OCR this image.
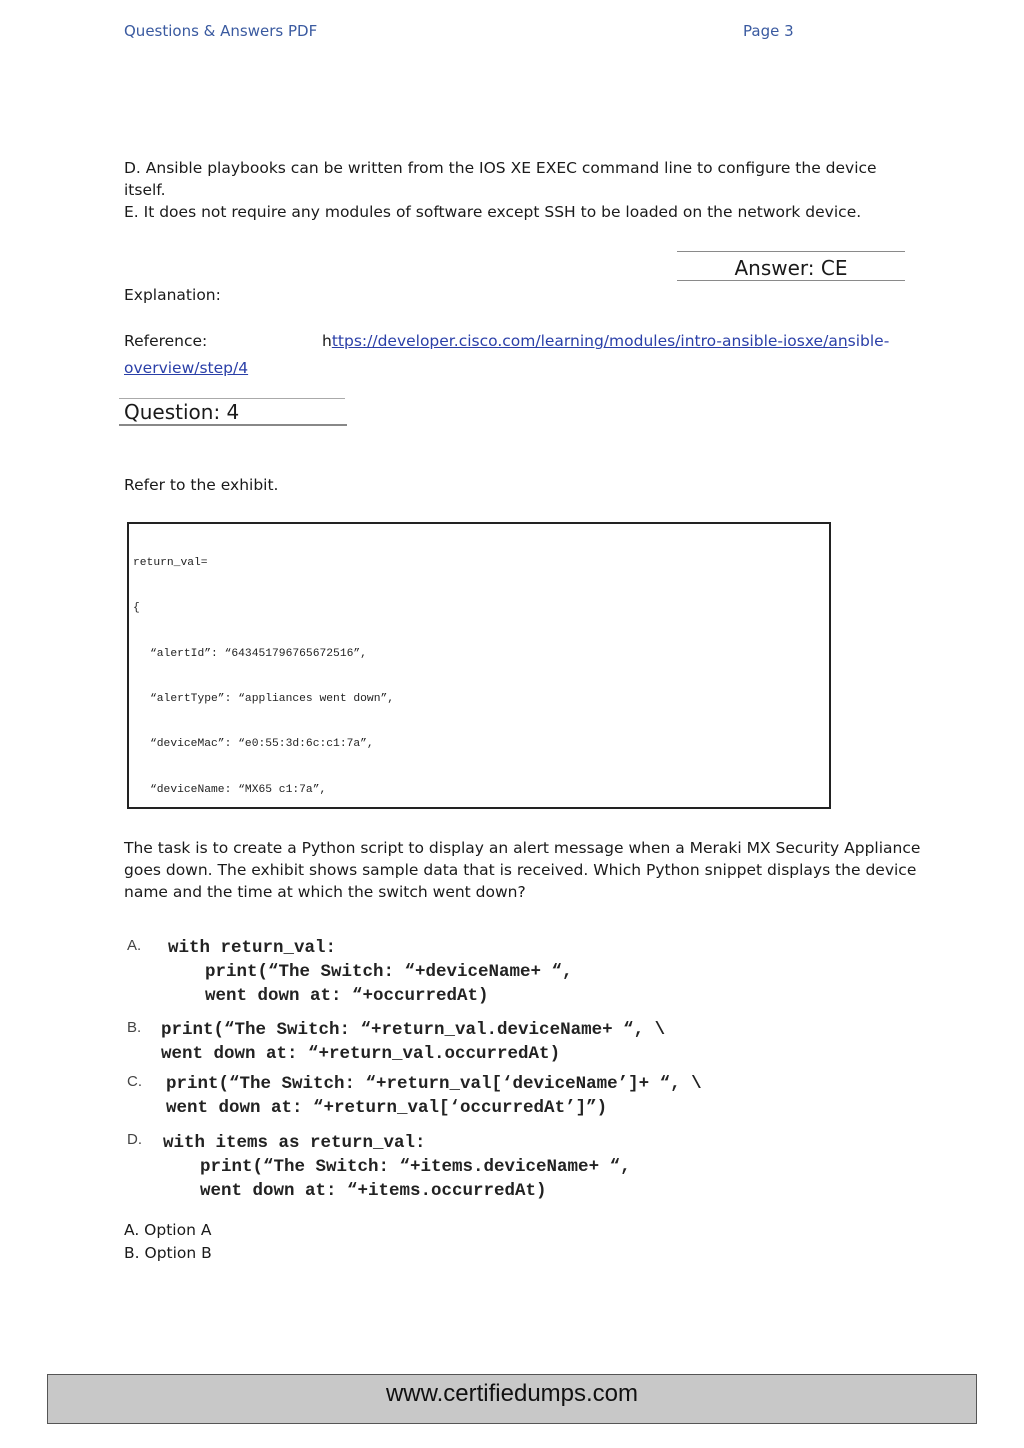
Questions & Answers PDF	Page 3
D. Ansible playbooks can be written from the IOS XE EXEC command line to configure the device
itself.
E. It does not require any modules of software except SSH to be loaded on the network device.
Answer: CE
Explanation:
Reference:	https://developer.cisco.com/learning/modules/intro-ansible-iosxe/ansible-
overview/step/4
Question: 4
Refer to the exhibit.

return_val=

{

“alertId”: “643451796765672516”,

“alertType”: “appliances went down”,

“deviceMac”: “e0:55:3d:6c:c1:7a”,

“deviceName: “MX65 c1:7a”,

The task is to create a Python script to display an alert message when a Meraki MX Security Appliance
goes down. The exhibit shows sample data that is received. Which Python snippet displays the device
name and the time at which the switch went down?
A. with return_val:
print(“The Switch: “+deviceName+ “,
went down at: “+occurredAt)
B. print(“The Switch: “+return_val.deviceName+ “, \
went down at: “+return_val.occurredAt)
C. print(“The Switch: “+return_val[‘deviceName’]+ “, \
went down at: “+return_val[‘occurredAt’]”)
D. with items as return_val:
print(“The Switch: “+items.deviceName+ “,
went down at: “+items.occurredAt)
A. Option A
B. Option B
www.certifiedumps.com
